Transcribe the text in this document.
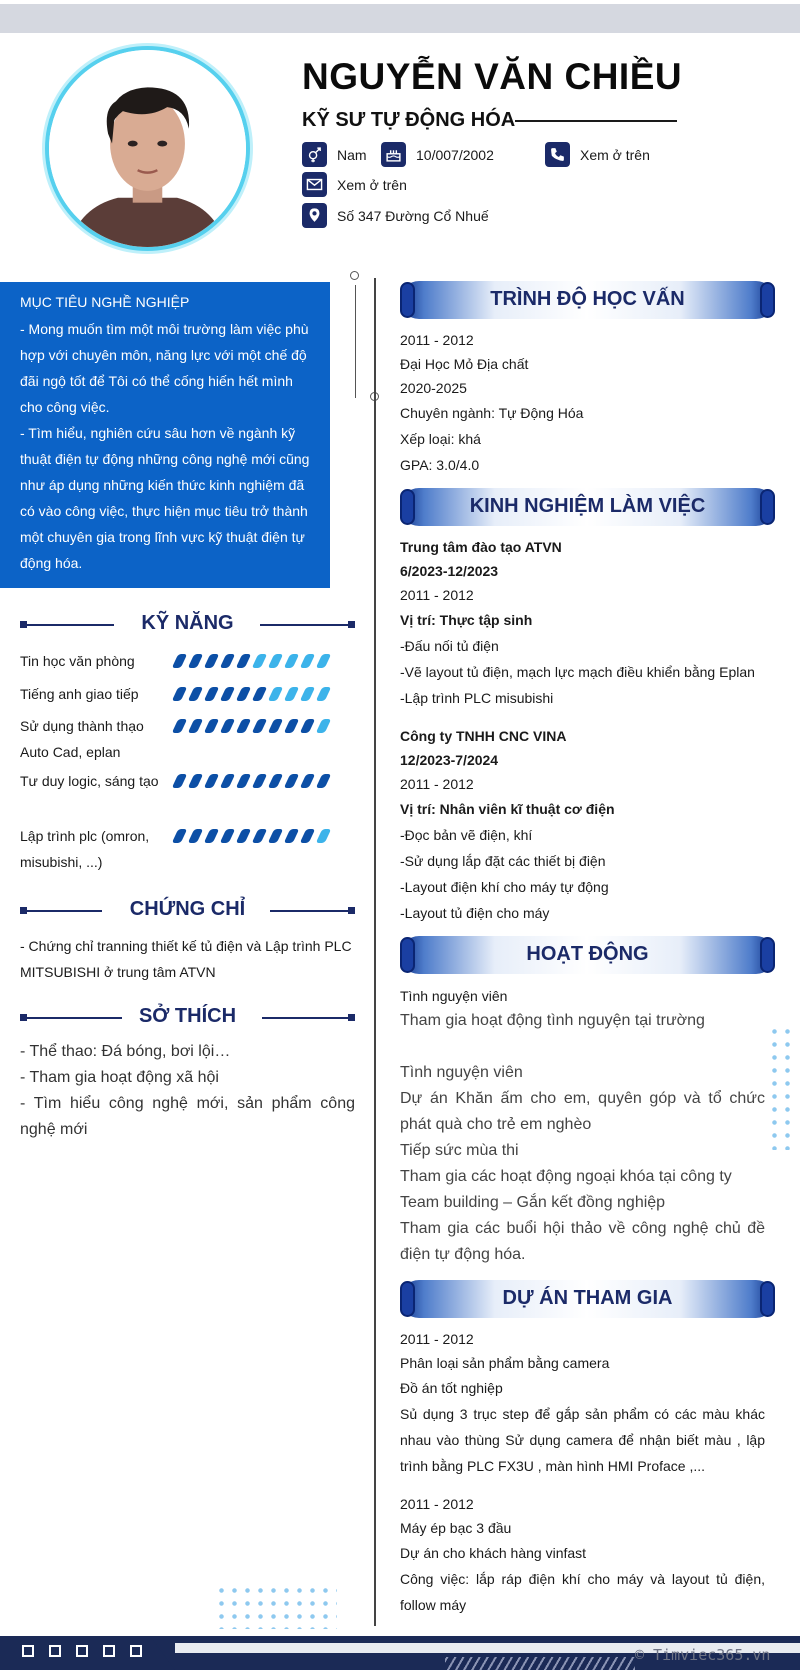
NGUYỄN VĂN CHIỀU
KỸ SƯ TỰ ĐỘNG HÓA
Nam	10/007/2002	Xem ở trên
Xem ở trên
Số 347 Đường Cổ Nhuế
MỤC TIÊU NGHỀ NGHIỆP

- Mong muốn tìm một môi trường làm việc phù hợp với chuyên môn, năng lực với một chế độ đãi ngộ tốt để Tôi có thể cống hiến hết mình cho công việc.

- Tìm hiểu, nghiên cứu sâu hơn về ngành kỹ thuật điện tự động những công nghệ mới cũng như áp dụng những kiến thức kinh nghiệm đã có vào công việc, thực hiện mục tiêu trở thành một chuyên gia trong lĩnh vực kỹ thuật điện tự động hóa.

KỸ NĂNG
Tin học văn phòng
Tiếng anh giao tiếp
Sử dụng thành thạo Auto Cad, eplan
Tư duy logic, sáng tạo
Lập trình plc (omron, misubishi, ...)
CHỨNG CHỈ
- Chứng chỉ tranning thiết kế tủ điện và Lập trình PLC MITSUBISHI ở trung tâm ATVN
SỞ THÍCH
- Thể thao: Đá bóng, bơi lội…
- Tham gia hoạt động xã hội
- Tìm hiểu công nghệ mới, sản phẩm công nghệ mới
TRÌNH ĐỘ HỌC VẤN
2011 - 2012
Đại Học Mỏ Địa chất
2020-2025
Chuyên ngành: Tự Động Hóa
Xếp loại: khá
GPA: 3.0/4.0
KINH NGHIỆM LÀM VIỆC
Trung tâm đào tạo ATVN
6/2023-12/2023
2011 - 2012
Vị trí: Thực tập sinh
-Đấu nối tủ điện
-Vẽ layout tủ điện, mạch lực mạch điều khiển bằng Eplan
-Lập trình PLC misubishi
Công ty TNHH CNC VINA
12/2023-7/2024
2011 - 2012
Vị trí: Nhân viên kĩ thuật cơ điện
-Đọc bản vẽ điện, khí
-Sử dụng lắp đặt các thiết bị điện
-Layout điện khí cho máy tự động
-Layout tủ điện cho máy
HOẠT ĐỘNG
Tình nguyện viên
Tham gia hoạt động tình nguyện tại trường
Tình nguyện viên
Dự án Khăn ấm cho em, quyên góp và tổ chức phát quà cho trẻ em nghèo
Tiếp sức mùa thi
Tham gia các hoạt động ngoại khóa tại công ty
Team building – Gắn kết đồng nghiệp
Tham gia các buổi hội thảo về công nghệ chủ đề điện tự động hóa.
DỰ ÁN THAM GIA
2011 - 2012
Phân loại sản phẩm bằng camera
Đồ án tốt nghiệp
Sủ dụng 3 trục step để gắp sản phẩm có các màu khác nhau vào thùng Sử dụng camera để nhận biết màu , lập trình bằng PLC FX3U , màn hình HMI Proface ,...
2011 - 2012
Máy ép bạc 3 đầu
Dự án cho khách hàng vinfast
Công việc: lắp ráp điện khí cho máy và layout tủ điện, follow máy
© Timviec365.vn
